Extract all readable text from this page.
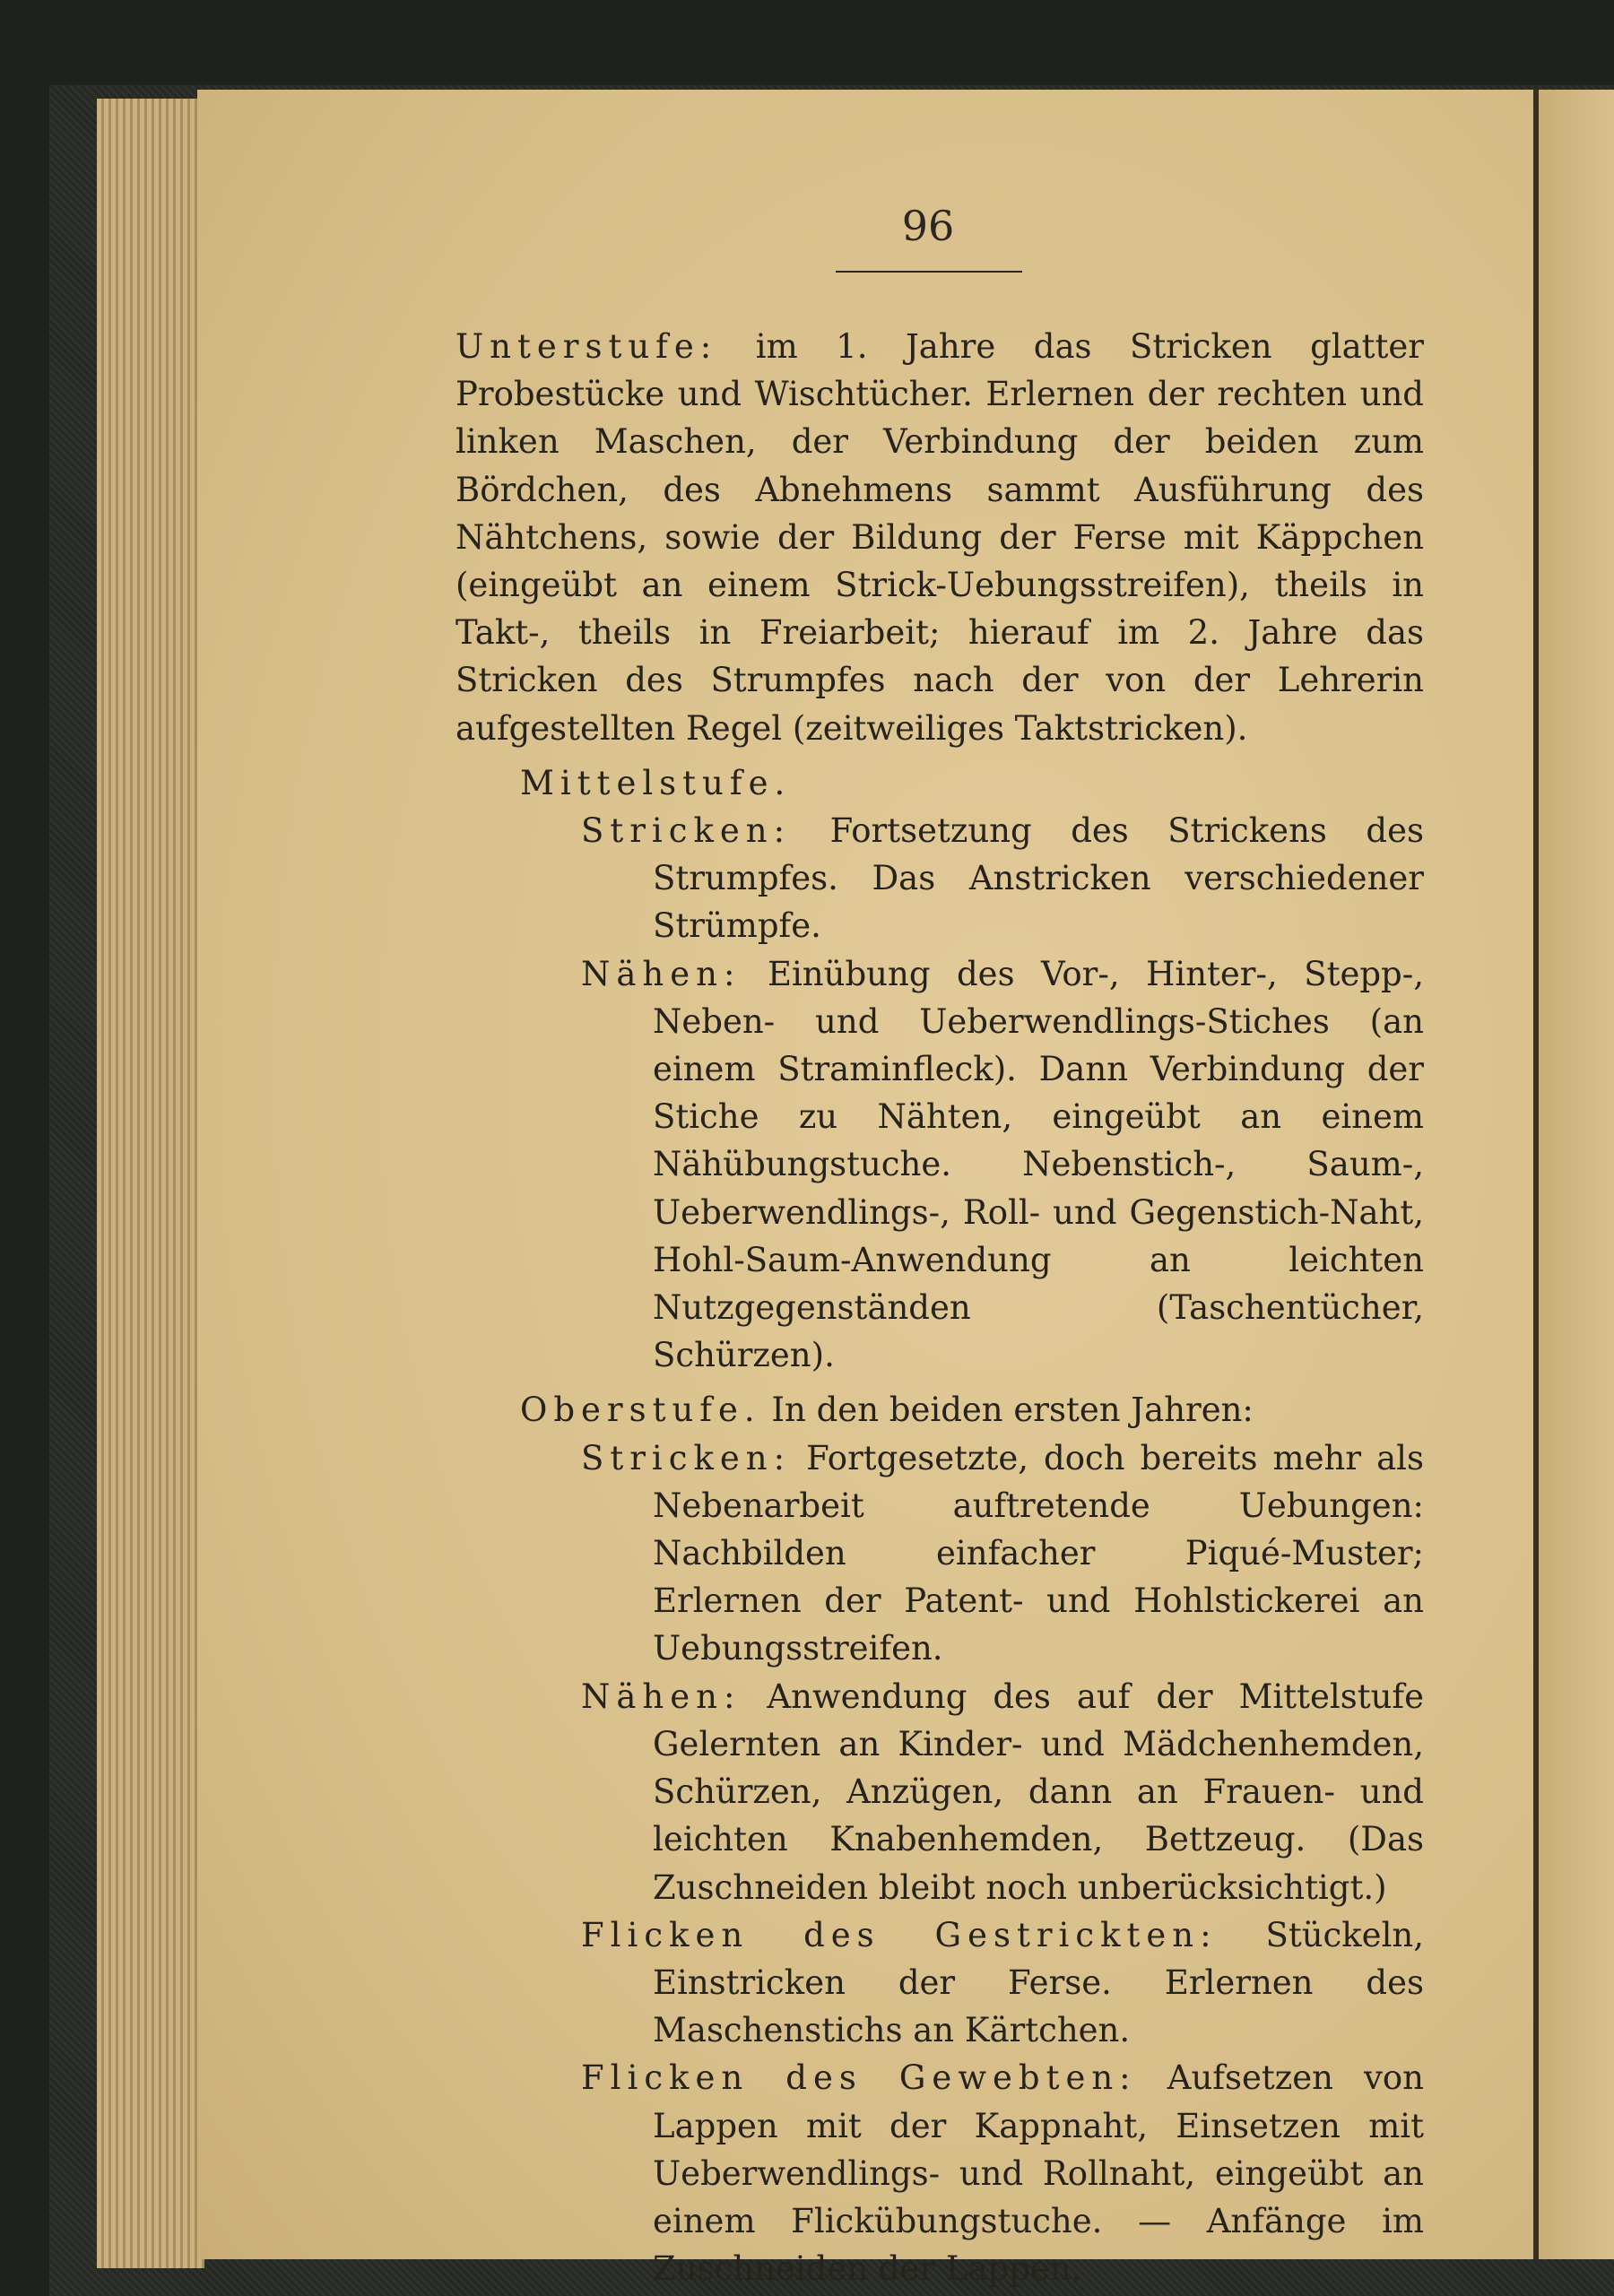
96

Unterstufe: im 1. Jahre das Stricken glatter Probestücke und Wischtücher. Erlernen der rechten und linken Maschen, der Verbindung der beiden zum Bördchen, des Abnehmens sammt Ausführung des Nähtchens, sowie der Bildung der Ferse mit Käppchen (eingeübt an einem Strick-Uebungsstreifen), theils in Takt-, theils in Freiarbeit; hierauf im 2. Jahre das Stricken des Strumpfes nach der von der Lehrerin aufgestellten Regel (zeitweiliges Taktstricken).

Mittelstufe.

Stricken: Fortsetzung des Strickens des Strumpfes. Das Anstricken verschiedener Strümpfe.

Nähen: Einübung des Vor-, Hinter-, Stepp-, Neben- und Ueberwendlings-Stiches (an einem Straminfleck). Dann Verbindung der Stiche zu Nähten, eingeübt an einem Nähübungstuche. Nebenstich-, Saum-, Ueberwendlings-, Roll- und Gegenstich-Naht, Hohl-Saum-Anwendung an leichten Nutzgegenständen (Taschentücher, Schürzen).

Oberstufe. In den beiden ersten Jahren:

Stricken: Fortgesetzte, doch bereits mehr als Nebenarbeit auftretende Uebungen: Nachbilden einfacher Piqué-Muster; Erlernen der Patent- und Hohlstickerei an Uebungsstreifen.

Nähen: Anwendung des auf der Mittelstufe Gelernten an Kinder- und Mädchenhemden, Schürzen, Anzügen, dann an Frauen- und leichten Knabenhemden, Bettzeug. (Das Zuschneiden bleibt noch unberücksichtigt.)

Flicken des Gestrickten: Stückeln, Einstricken der Ferse. Erlernen des Maschenstichs an Kärtchen.

Flicken des Gewebten: Aufsetzen von Lappen mit der Kappnaht, Einsetzen mit Ueberwendlings- und Rollnaht, eingeübt an einem Flickübungstuche. — Anfänge im Zuschneiden der Lappen.
